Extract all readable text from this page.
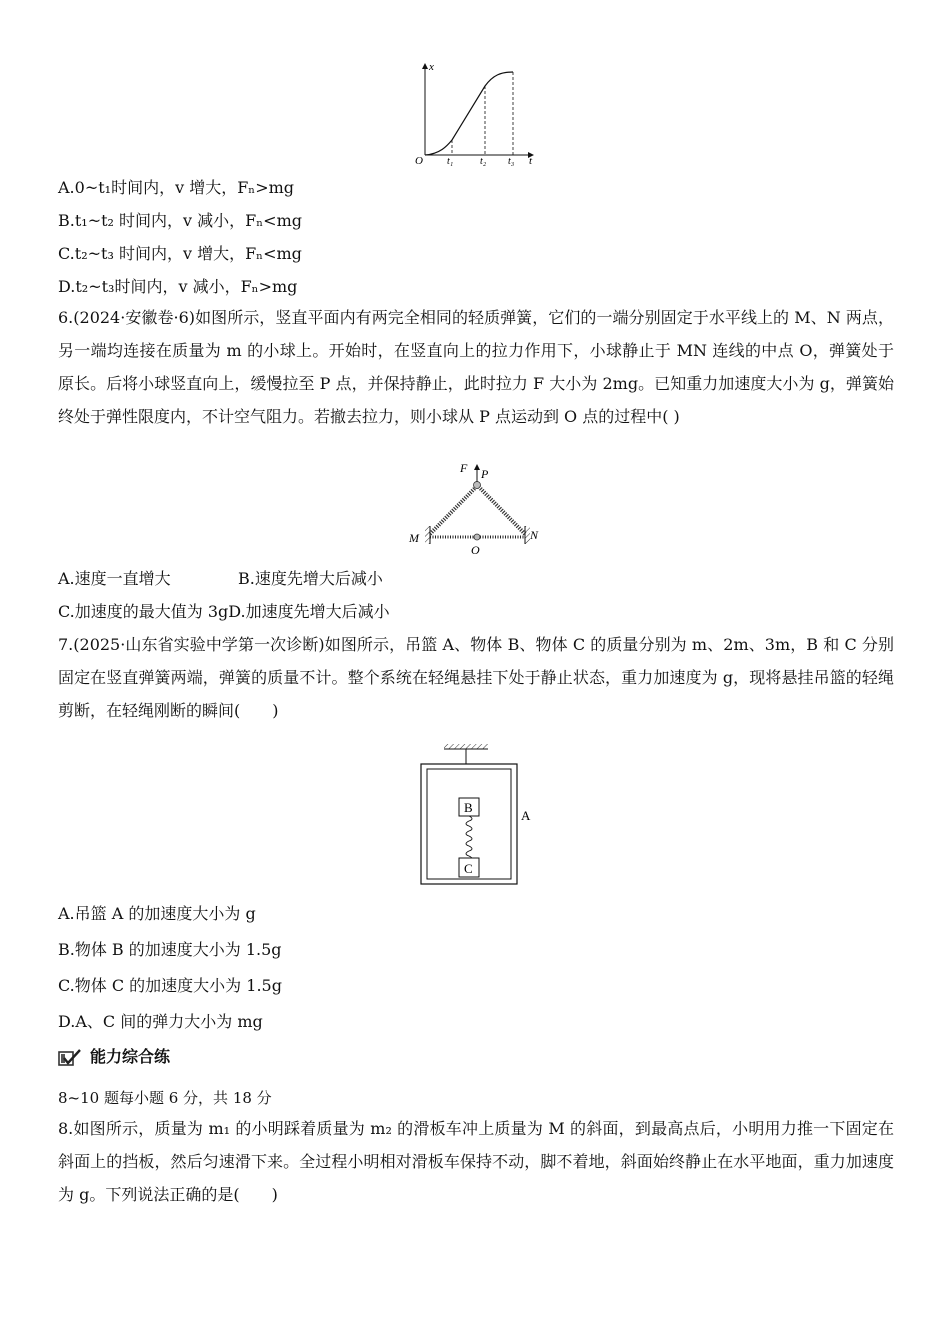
x
t
O t₁	t₂ t₃
A.0~t₁时间内，v 增大，Fₙ>mg
B.t₁~t₂ 时间内，v 减小，Fₙ<mg
C.t₂~t₃ 时间内，v 增大，Fₙ<mg
D.t₂~t₃时间内，v 减小，Fₙ>mg
6.(2024·安徽卷·6)如图所示，竖直平面内有两完全相同的轻质弹簧，它们的一端分别固定于水平线上的 M、N 两点，另一端均连接在质量为 m 的小球上。开始时，在竖直向上的拉力作用下，小球静止于 MN 连线的中点 O，弹簧处于原长。后将小球竖直向上，缓慢拉至 P 点，并保持静止，此时拉力 F 大小为 2mg。已知重力加速度大小为 g，弹簧始终处于弹性限度内，不计空气阻力。若撤去拉力，则小球从 P 点运动到 O 点的过程中( )
A.速度一直增大	B.速度先增大后减小
C.加速度的最大值为 3gD.加速度先增大后减小
7.(2025·山东省实验中学第一次诊断)如图所示，吊篮 A、物体 B、物体 C 的质量分别为 m、2m、3m，B 和 C 分别固定在竖直弹簧两端，弹簧的质量不计。整个系统在轻绳悬挂下处于静止状态，重力加速度为 g，现将悬挂吊篮的轻绳剪断，在轻绳刚断的瞬间(　　)
A.吊篮 A 的加速度大小为 g
B.物体 B 的加速度大小为 1.5g
C.物体 C 的加速度大小为 1.5g
D.A、C 间的弹力大小为 mg
能力综合练
8~10 题每小题 6 分，共 18 分
8.如图所示，质量为 m₁ 的小明踩着质量为 m₂ 的滑板车冲上质量为 M 的斜面，到最高点后，小明用力推一下固定在斜面上的挡板，然后匀速滑下来。全过程小明相对滑板车保持不动，脚不着地，斜面始终静止在水平地面，重力加速度为 g。下列说法正确的是(　　)
F P
M	N
O
B
C
A
